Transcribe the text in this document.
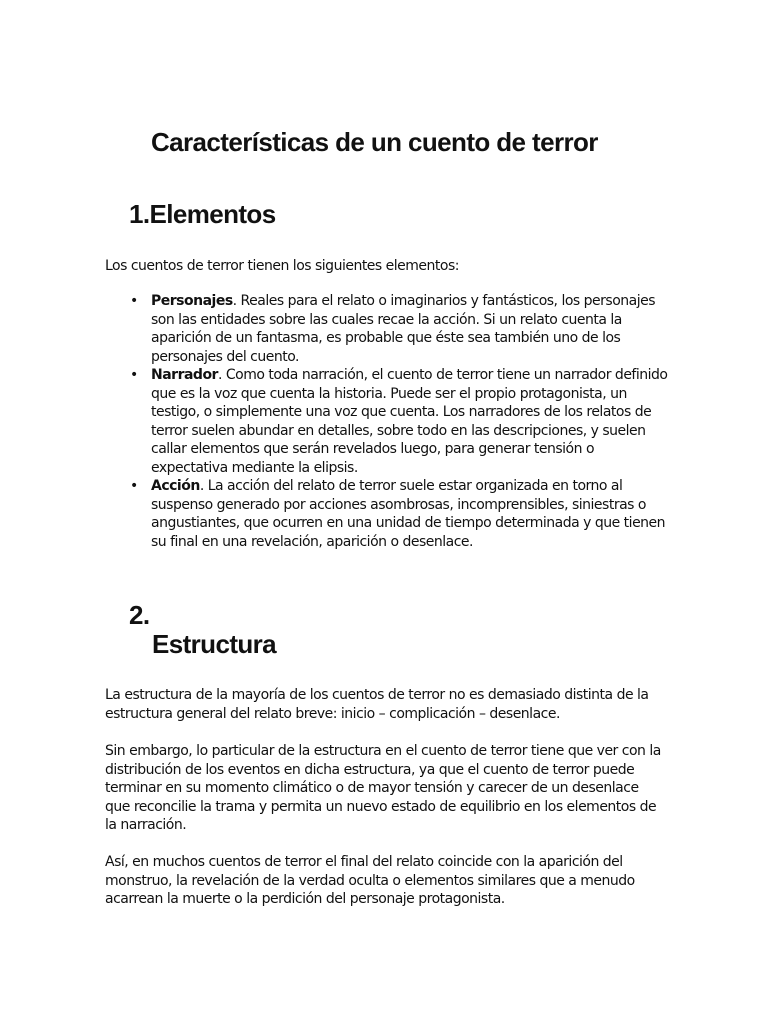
Características de un cuento de terror
1.Elementos

Los cuentos de terror tienen los siguientes elementos:

• Personajes. Reales para el relato o imaginarios y fantásticos, los personajes son las entidades sobre las cuales recae la acción. Si un relato cuenta la aparición de un fantasma, es probable que éste sea también uno de los personajes del cuento.
• Narrador. Como toda narración, el cuento de terror tiene un narrador definido que es la voz que cuenta la historia. Puede ser el propio protagonista, un testigo, o simplemente una voz que cuenta. Los narradores de los relatos de terror suelen abundar en detalles, sobre todo en las descripciones, y suelen callar elementos que serán revelados luego, para generar tensión o expectativa mediante la elipsis.
• Acción. La acción del relato de terror suele estar organizada en torno al suspenso generado por acciones asombrosas, incomprensibles, siniestras o angustiantes, que ocurren en una unidad de tiempo determinada y que tienen su final en una revelación, aparición o desenlace.
2.
Estructura

La estructura de la mayoría de los cuentos de terror no es demasiado distinta de la estructura general del relato breve: inicio – complicación – desenlace.

Sin embargo, lo particular de la estructura en el cuento de terror tiene que ver con la distribución de los eventos en dicha estructura, ya que el cuento de terror puede terminar en su momento climático o de mayor tensión y carecer de un desenlace que reconcilie la trama y permita un nuevo estado de equilibrio en los elementos de la narración.

Así, en muchos cuentos de terror el final del relato coincide con la aparición del monstruo, la revelación de la verdad oculta o elementos similares que a menudo acarrean la muerte o la perdición del personaje protagonista.
